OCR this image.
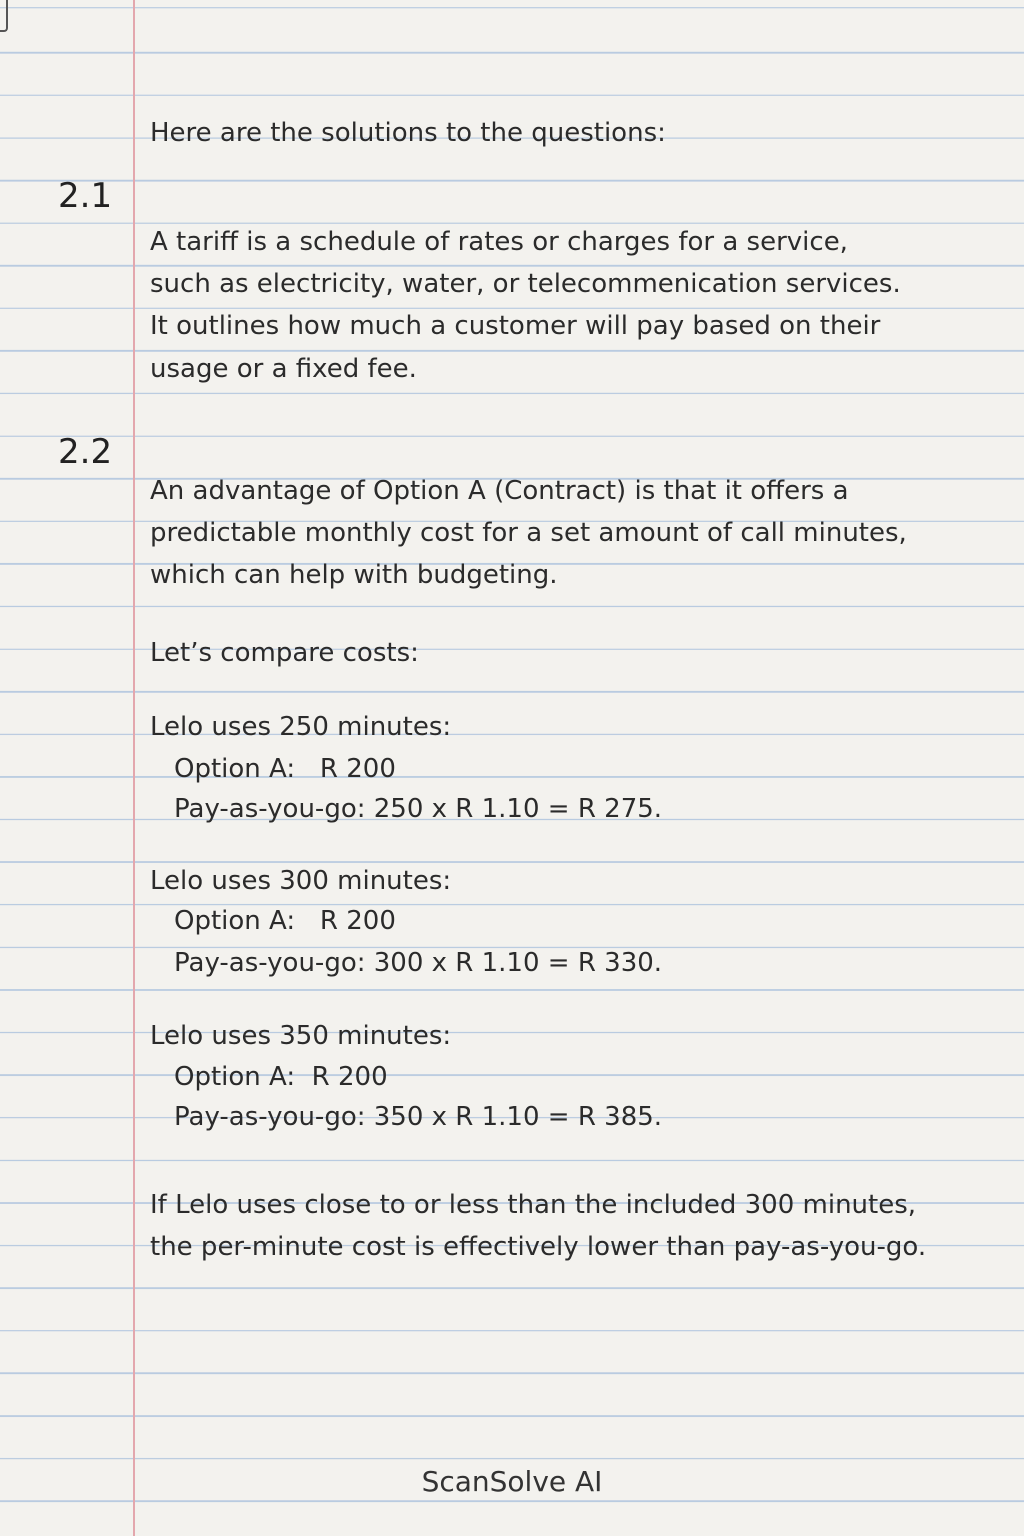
Here are the solutions to the questions:
2.1
A tariff is a schedule of rates or charges for a service,
such as electricity, water, or telecommenication services.
It outlines how much a customer will pay based on their
usage or a fixed fee.
2.2
An advantage of Option A (Contract) is that it offers a
predictable monthly cost for a set amount of call minutes,
which can help with budgeting.
Let’s compare costs:
Lelo uses 250 minutes:
Option A:   R 200
Pay-as-you-go: 250 x R 1.10 = R 275.
Lelo uses 300 minutes:
Option A:   R 200
Pay-as-you-go: 300 x R 1.10 = R 330.
Lelo uses 350 minutes:
Option A:  R 200
Pay-as-you-go: 350 x R 1.10 = R 385.
If Lelo uses close to or less than the included 300 minutes,
the per-minute cost is effectively lower than pay-as-you-go.
ScanSolve AI
